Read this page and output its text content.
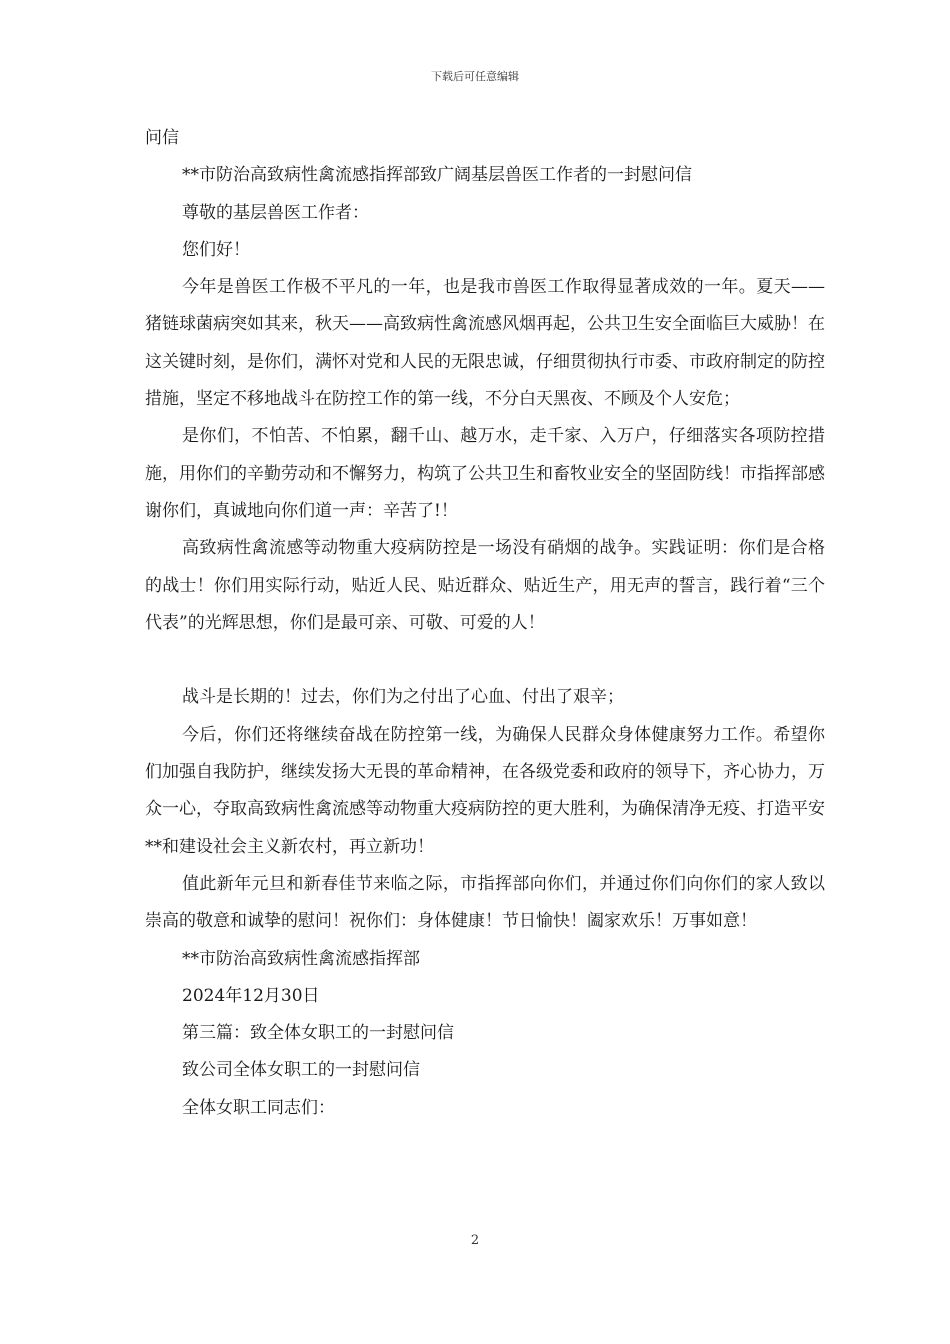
下载后可任意编辑

问信

**市防治高致病性禽流感指挥部致广阔基层兽医工作者的一封慰问信

尊敬的基层兽医工作者：

您们好！

今年是兽医工作极不平凡的一年，也是我市兽医工作取得显著成效的一年。夏天——猪链球菌病突如其来，秋天——高致病性禽流感风烟再起，公共卫生安全面临巨大威胁！在这关键时刻，是你们，满怀对党和人民的无限忠诚，仔细贯彻执行市委、市政府制定的防控措施，坚定不移地战斗在防控工作的第一线，不分白天黑夜、不顾及个人安危；

是你们，不怕苦、不怕累，翻千山、越万水，走千家、入万户，仔细落实各项防控措施，用你们的辛勤劳动和不懈努力，构筑了公共卫生和畜牧业安全的坚固防线！市指挥部感谢你们，真诚地向你们道一声：辛苦了!！

高致病性禽流感等动物重大疫病防控是一场没有硝烟的战争。实践证明：你们是合格的战士！你们用实际行动，贴近人民、贴近群众、贴近生产，用无声的誓言，践行着“三个代表”的光辉思想，你们是最可亲、可敬、可爱的人！

战斗是长期的！过去，你们为之付出了心血、付出了艰辛；

今后，你们还将继续奋战在防控第一线，为确保人民群众身体健康努力工作。希望你们加强自我防护，继续发扬大无畏的革命精神，在各级党委和政府的领导下，齐心协力，万众一心，夺取高致病性禽流感等动物重大疫病防控的更大胜利，为确保清净无疫、打造平安**和建设社会主义新农村，再立新功！

值此新年元旦和新春佳节来临之际，市指挥部向你们，并通过你们向你们的家人致以崇高的敬意和诚挚的慰问！祝你们：身体健康！节日愉快！阖家欢乐！万事如意！

**市防治高致病性禽流感指挥部

2024年12月30日

第三篇：致全体女职工的一封慰问信

致公司全体女职工的一封慰问信

全体女职工同志们：

2
